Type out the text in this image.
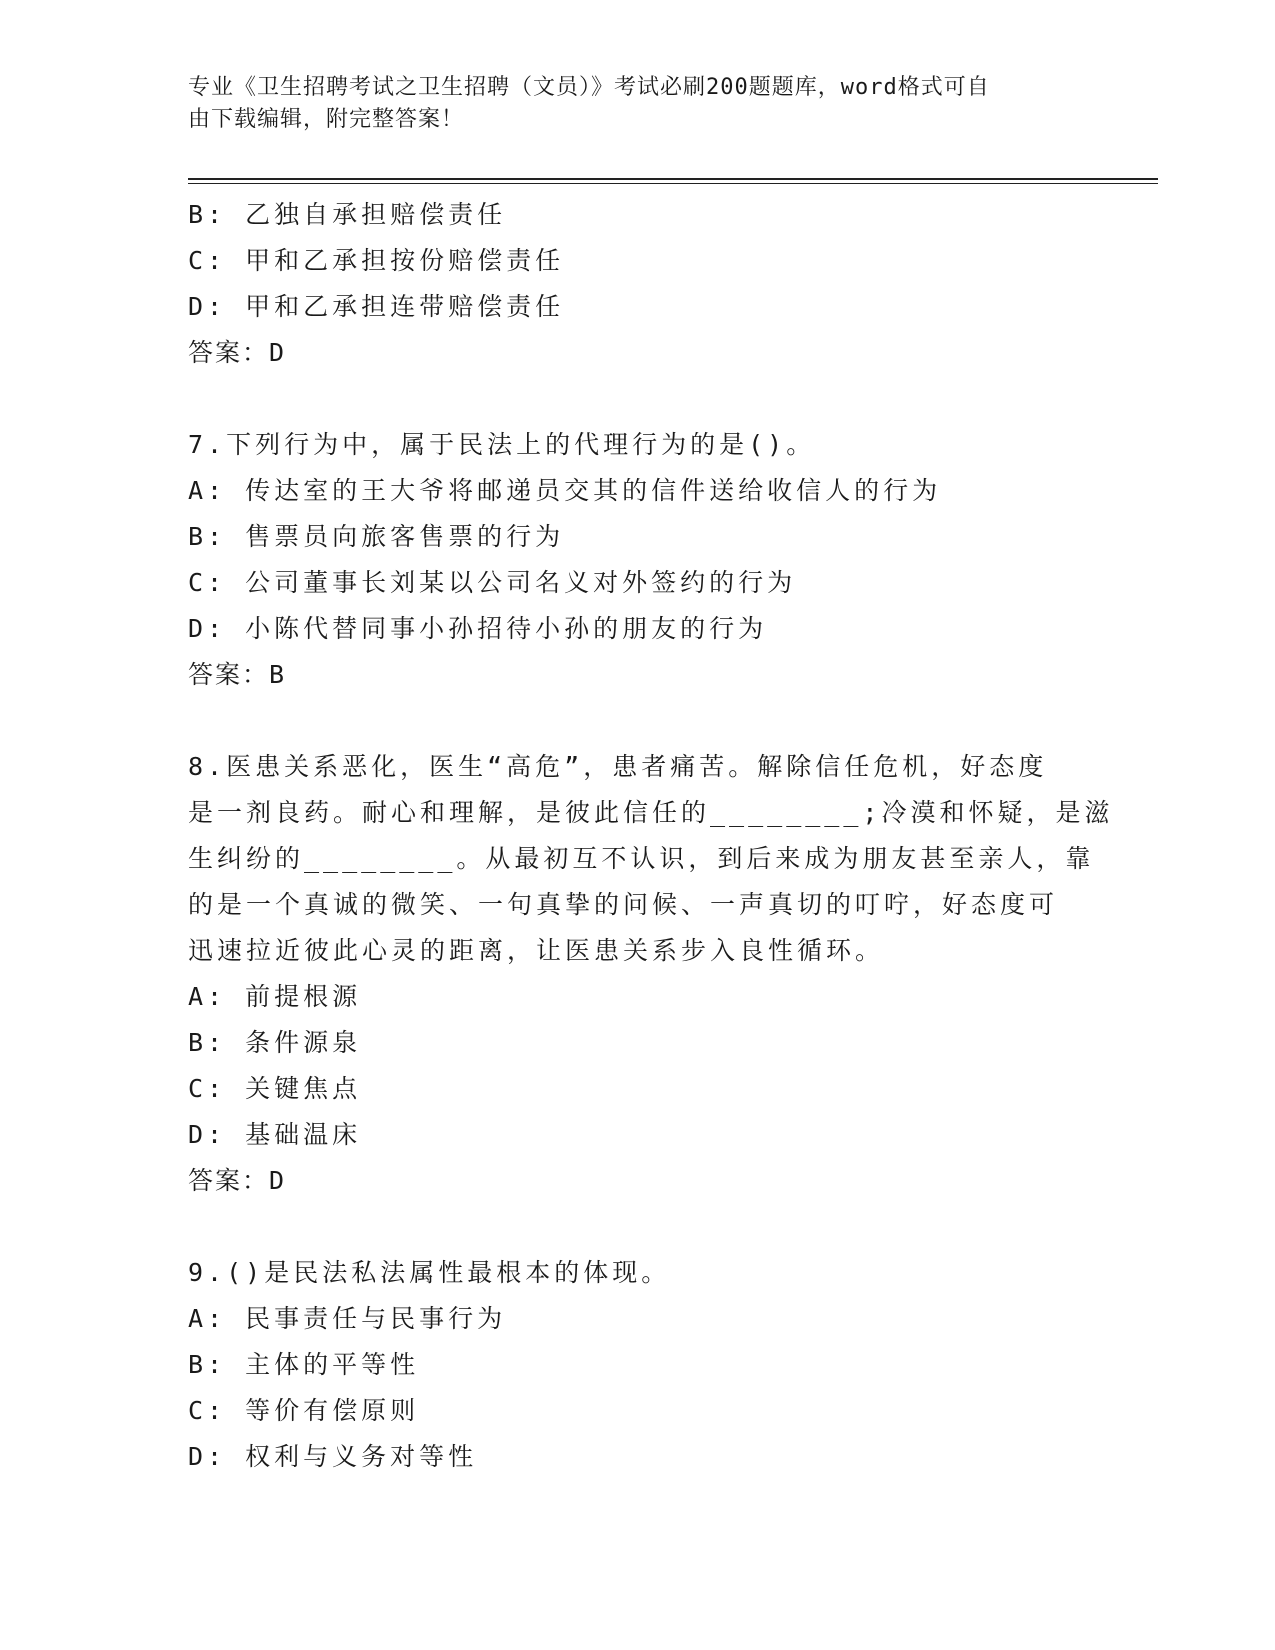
专业《卫生招聘考试之卫生招聘（文员）》考试必刷200题题库，word格式可自
由下载编辑，附完整答案！
B: 乙独自承担赔偿责任
C: 甲和乙承担按份赔偿责任
D: 甲和乙承担连带赔偿责任
答案：D
7.下列行为中，属于民法上的代理行为的是()。
A: 传达室的王大爷将邮递员交其的信件送给收信人的行为
B: 售票员向旅客售票的行为
C: 公司董事长刘某以公司名义对外签约的行为
D: 小陈代替同事小孙招待小孙的朋友的行为
答案：B
8.医患关系恶化，医生“高危”，患者痛苦。解除信任危机，好态度
是一剂良药。耐心和理解，是彼此信任的________;冷漠和怀疑，是滋
生纠纷的________。从最初互不认识，到后来成为朋友甚至亲人，靠
的是一个真诚的微笑、一句真挚的问候、一声真切的叮咛，好态度可
迅速拉近彼此心灵的距离，让医患关系步入良性循环。
A: 前提根源
B: 条件源泉
C: 关键焦点
D: 基础温床
答案：D
9.()是民法私法属性最根本的体现。
A: 民事责任与民事行为
B: 主体的平等性
C: 等价有偿原则
D: 权利与义务对等性
